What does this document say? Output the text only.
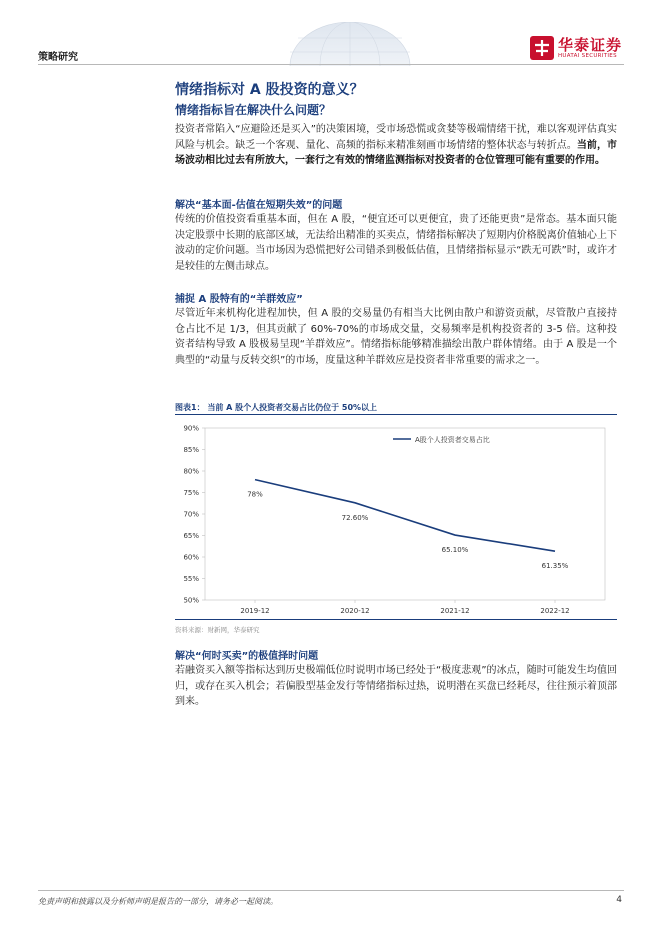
策略研究
华泰证券
HUATAI SECURITIES
情绪指标对 A 股投资的意义？
情绪指标旨在解决什么问题？
投资者常陷入“应避险还是买入”的决策困境，受市场恐慌或贪婪等极端情绪干扰，难以客观评估真实风险与机会。缺乏一个客观、量化、高频的指标来精准刻画市场情绪的整体状态与转折点。当前，市场波动相比过去有所放大，一套行之有效的情绪监测指标对投资者的仓位管理可能有重要的作用。
解决“基本面-估值在短期失效”的问题
传统的价值投资看重基本面，但在 A 股，“便宜还可以更便宜，贵了还能更贵”是常态。基本面只能决定股票中长期的底部区域，无法给出精准的买卖点，情绪指标解决了短期内价格脱离价值轴心上下波动的定价问题。当市场因为恐慌把好公司错杀到极低估值，且情绪指标显示“跌无可跌”时，或许才是较佳的左侧击球点。
捕捉 A 股特有的“羊群效应”
尽管近年来机构化进程加快，但 A 股的交易量仍有相当大比例由散户和游资贡献，尽管散户直接持仓占比不足 1/3，但其贡献了 60%-70%的市场成交量，交易频率是机构投资者的 3-5 倍。这种投资者结构导致 A 股极易呈现“羊群效应”。情绪指标能够精准描绘出散户群体情绪。由于 A 股是一个典型的“动量与反转交织”的市场，度量这种羊群效应是投资者非常重要的需求之一。
图表1： 当前 A 股个人投资者交易占比仍位于 50%以上
50%
55%
60%
65%
70%
75%
80%
85%
90%
2019-12	2020-12	2021-12	2022-12
78%
72.60%
65.10%
61.35%
A股个人投资者交易占比
资料来源：财新网，华泰研究
解决“何时买卖”的极值择时问题
若融资买入额等指标达到历史极端低位时说明市场已经处于“极度悲观”的冰点，随时可能发生均值回归，或存在买入机会；若偏股型基金发行等情绪指标过热，说明潜在买盘已经耗尽，往往预示着顶部到来。
免责声明和披露以及分析师声明是报告的一部分，请务必一起阅读。	4
